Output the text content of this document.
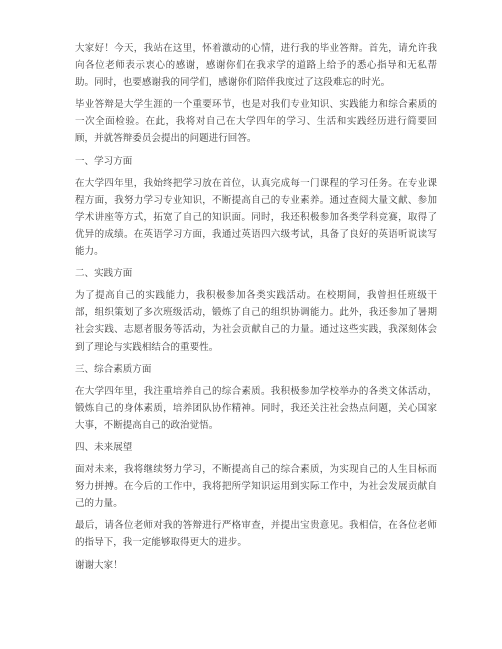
大家好！今天，我站在这里，怀着激动的心情，进行我的毕业答辩。首先，请允许我向各位老师表示衷心的感谢，感谢你们在我求学的道路上给予的悉心指导和无私帮助。同时，也要感谢我的同学们，感谢你们陪伴我度过了这段难忘的时光。

毕业答辩是大学生涯的一个重要环节，也是对我们专业知识、实践能力和综合素质的一次全面检验。在此，我将对自己在大学四年的学习、生活和实践经历进行简要回顾，并就答辩委员会提出的问题进行回答。

一、学习方面

在大学四年里，我始终把学习放在首位，认真完成每一门课程的学习任务。在专业课程方面，我努力学习专业知识，不断提高自己的专业素养。通过查阅大量文献、参加学术讲座等方式，拓宽了自己的知识面。同时，我还积极参加各类学科竞赛，取得了优异的成绩。在英语学习方面，我通过英语四六级考试，具备了良好的英语听说读写能力。

二、实践方面

为了提高自己的实践能力，我积极参加各类实践活动。在校期间，我曾担任班级干部，组织策划了多次班级活动，锻炼了自己的组织协调能力。此外，我还参加了暑期社会实践、志愿者服务等活动，为社会贡献自己的力量。通过这些实践，我深刻体会到了理论与实践相结合的重要性。

三、综合素质方面

在大学四年里，我注重培养自己的综合素质。我积极参加学校举办的各类文体活动，锻炼自己的身体素质，培养团队协作精神。同时，我还关注社会热点问题，关心国家大事，不断提高自己的政治觉悟。

四、未来展望

面对未来，我将继续努力学习，不断提高自己的综合素质，为实现自己的人生目标而努力拼搏。在今后的工作中，我将把所学知识运用到实际工作中，为社会发展贡献自己的力量。

最后，请各位老师对我的答辩进行严格审查，并提出宝贵意见。我相信，在各位老师的指导下，我一定能够取得更大的进步。

谢谢大家！
